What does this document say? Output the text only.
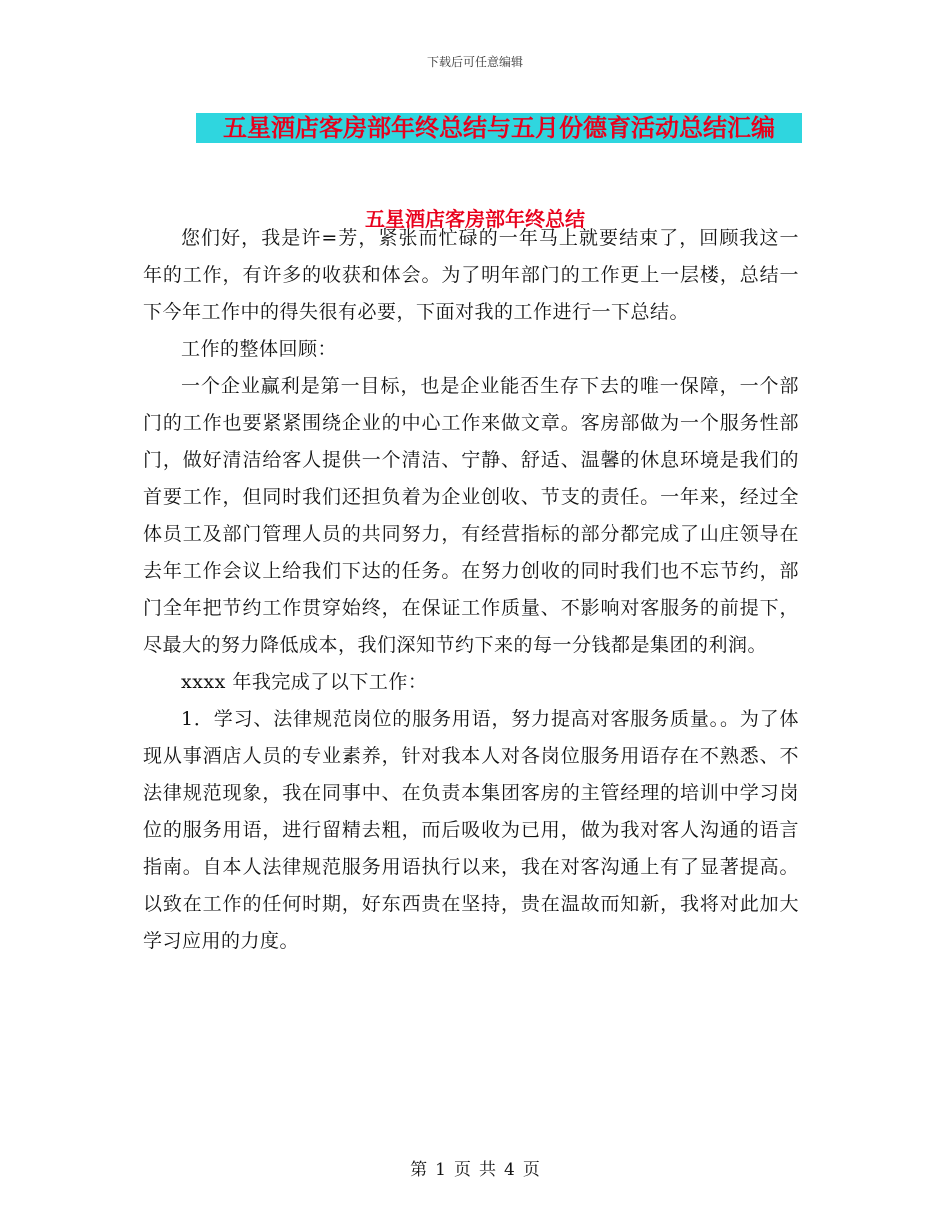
下载后可任意编辑
五星酒店客房部年终总结与五月份德育活动总结汇编
五星酒店客房部年终总结

您们好，我是许=芳，紧张而忙碌的一年马上就要结束了，回顾我这一年的工作，有许多的收获和体会。为了明年部门的工作更上一层楼，总结一下今年工作中的得失很有必要，下面对我的工作进行一下总结。

工作的整体回顾：

一个企业赢利是第一目标，也是企业能否生存下去的唯一保障，一个部门的工作也要紧紧围绕企业的中心工作来做文章。客房部做为一个服务性部门，做好清洁给客人提供一个清洁、宁静、舒适、温馨的休息环境是我们的首要工作，但同时我们还担负着为企业创收、节支的责任。一年来，经过全体员工及部门管理人员的共同努力，有经营指标的部分都完成了山庄领导在去年工作会议上给我们下达的任务。在努力创收的同时我们也不忘节约，部门全年把节约工作贯穿始终，在保证工作质量、不影响对客服务的前提下，尽最大的努力降低成本，我们深知节约下来的每一分钱都是集团的利润。

xxxx 年我完成了以下工作：

1．学习、法律规范岗位的服务用语，努力提高对客服务质量。。为了体现从事酒店人员的专业素养，针对我本人对各岗位服务用语存在不熟悉、不法律规范现象，我在同事中、在负责本集团客房的主管经理的培训中学习岗位的服务用语，进行留精去粗，而后吸收为已用，做为我对客人沟通的语言指南。自本人法律规范服务用语执行以来，我在对客沟通上有了显著提高。以致在工作的任何时期，好东西贵在坚持，贵在温故而知新，我将对此加大学习应用的力度。

第 1 页 共 4 页
